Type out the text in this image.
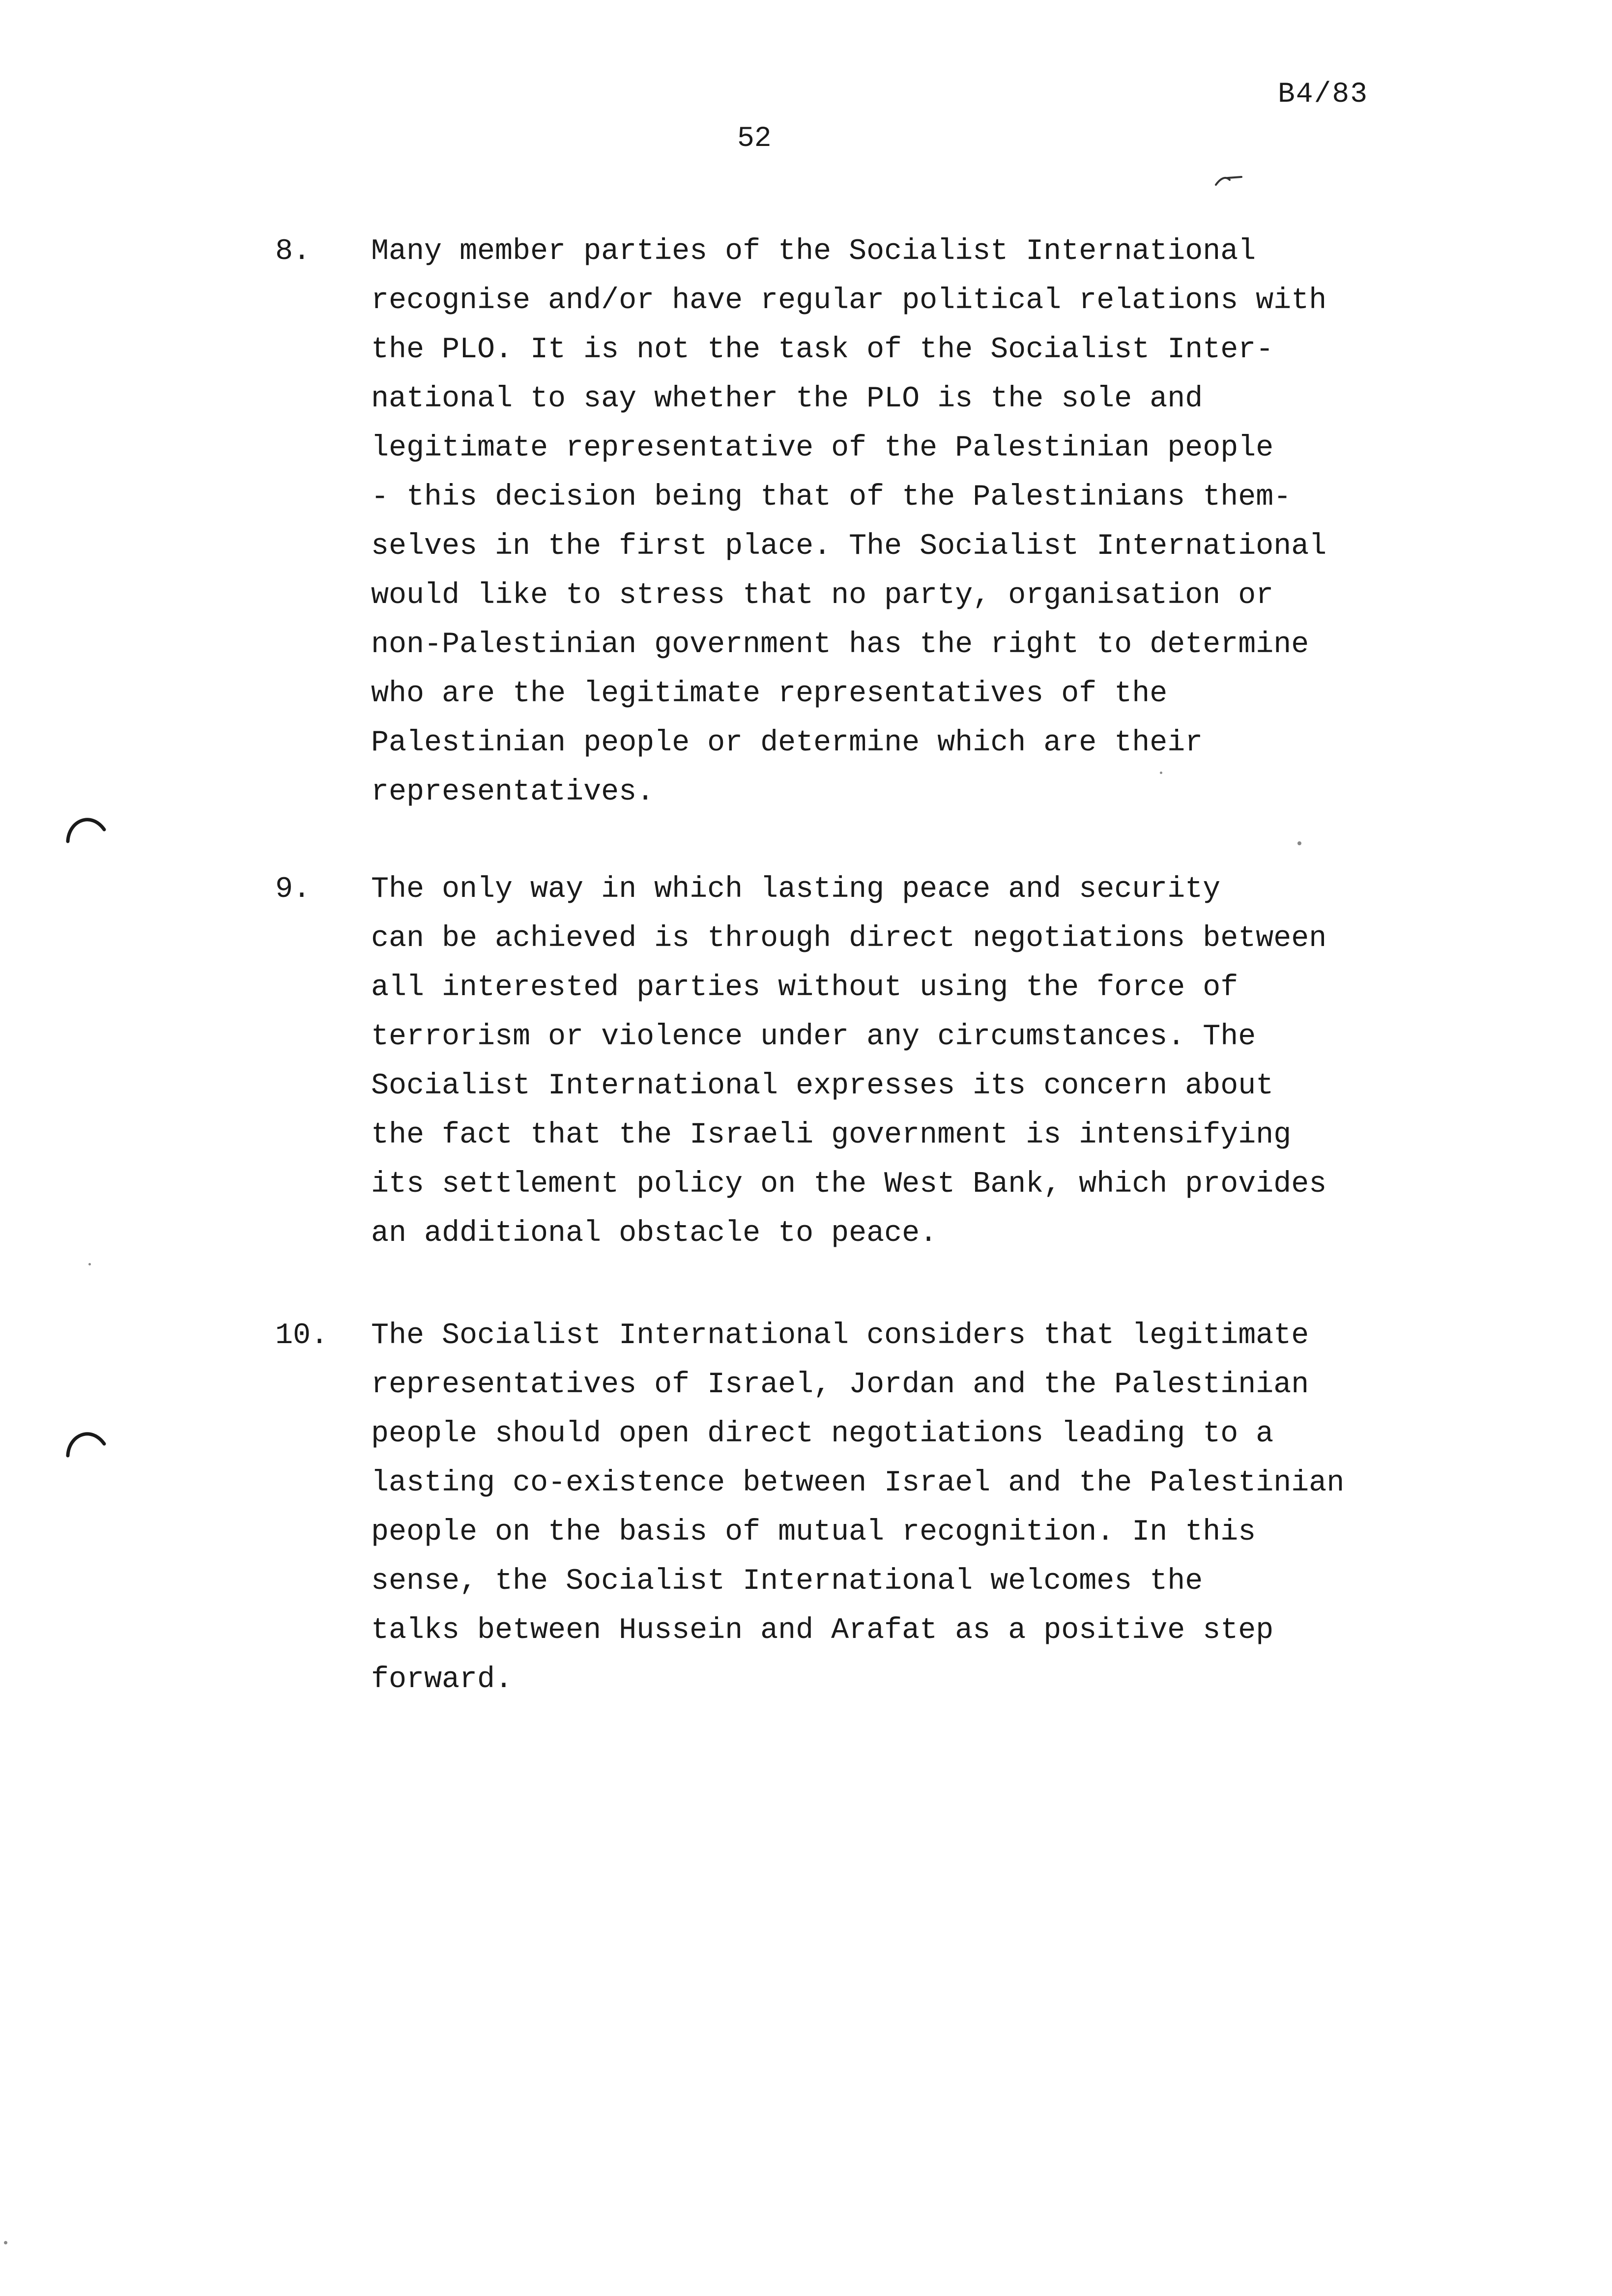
B4/83
52
8. Many member parties of the Socialist International
recognise and/or have regular political relations with
the PLO. It is not the task of the Socialist Inter-
national to say whether the PLO is the sole and
legitimate representative of the Palestinian people
- this decision being that of the Palestinians them-
selves in the first place. The Socialist International
would like to stress that no party, organisation or
non-Palestinian government has the right to determine
who are the legitimate representatives of the
Palestinian people or determine which are their
representatives.
9. The only way in which lasting peace and security
can be achieved is through direct negotiations between
all interested parties without using the force of
terrorism or violence under any circumstances. The
Socialist International expresses its concern about
the fact that the Israeli government is intensifying
its settlement policy on the West Bank, which provides
an additional obstacle to peace.
10. The Socialist International considers that legitimate
representatives of Israel, Jordan and the Palestinian
people should open direct negotiations leading to a
lasting co-existence between Israel and the Palestinian
people on the basis of mutual recognition. In this
sense, the Socialist International welcomes the
talks between Hussein and Arafat as a positive step
forward.
